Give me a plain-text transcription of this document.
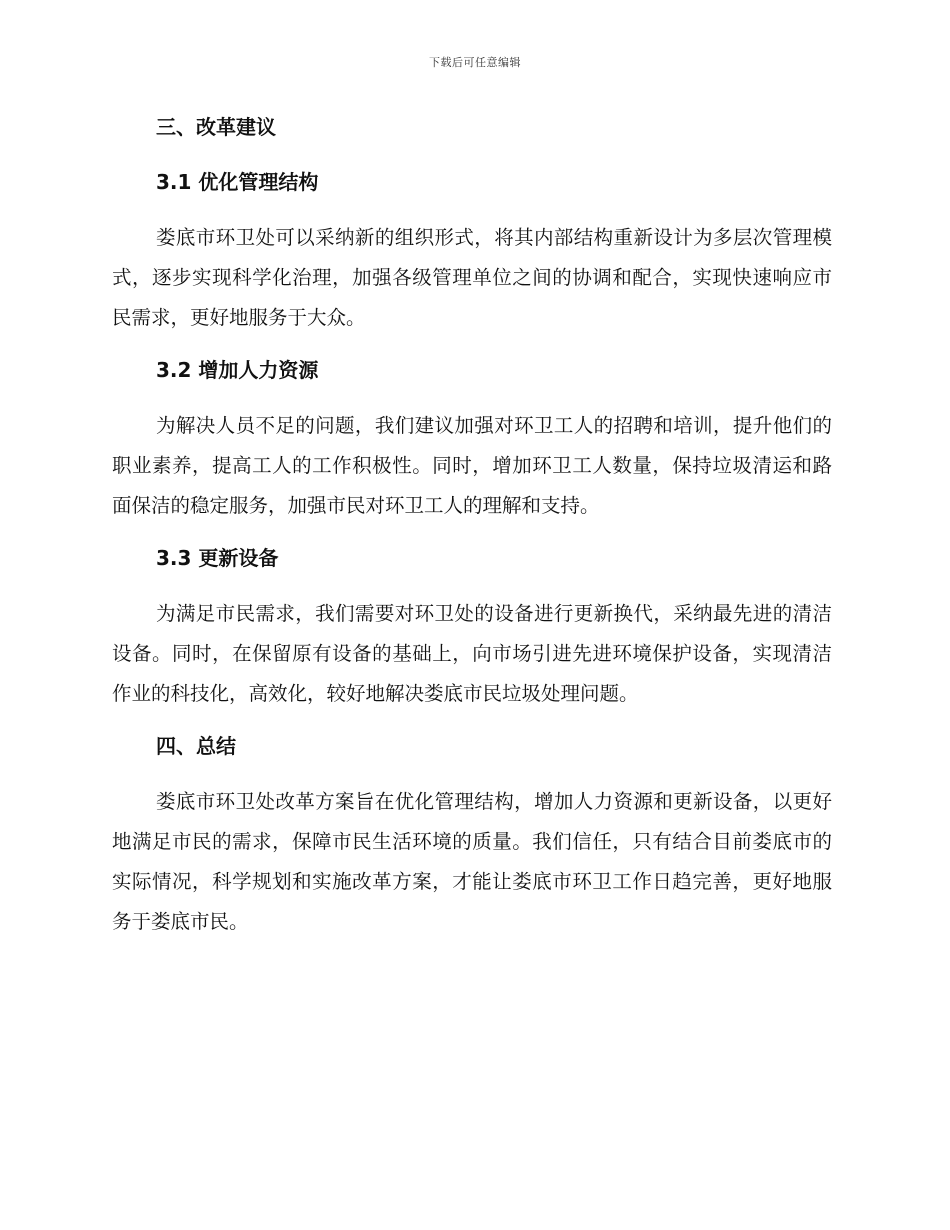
下载后可任意编辑
三、改革建议
3.1 优化管理结构

娄底市环卫处可以采纳新的组织形式，将其内部结构重新设计为多层次管理模式，逐步实现科学化治理，加强各级管理单位之间的协调和配合，实现快速响应市民需求，更好地服务于大众。

3.2 增加人力资源

为解决人员不足的问题，我们建议加强对环卫工人的招聘和培训，提升他们的职业素养，提高工人的工作积极性。同时，增加环卫工人数量，保持垃圾清运和路面保洁的稳定服务，加强市民对环卫工人的理解和支持。

3.3 更新设备

为满足市民需求，我们需要对环卫处的设备进行更新换代，采纳最先进的清洁设备。同时，在保留原有设备的基础上，向市场引进先进环境保护设备，实现清洁作业的科技化，高效化，较好地解决娄底市民垃圾处理问题。

四、总结

娄底市环卫处改革方案旨在优化管理结构，增加人力资源和更新设备，以更好地满足市民的需求，保障市民生活环境的质量。我们信任，只有结合目前娄底市的实际情况，科学规划和实施改革方案，才能让娄底市环卫工作日趋完善，更好地服务于娄底市民。
